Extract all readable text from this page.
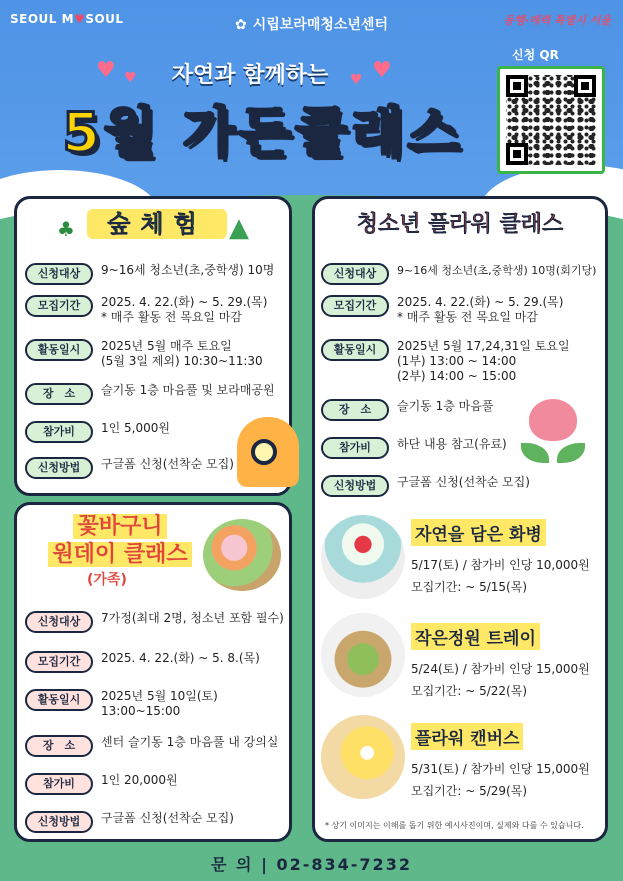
SEOUL M♥SOUL	✿ 시립보라매청소년센터	동행·매력 특별시 서울
♥ ♥	자연과 함께하는	♥
♥
5월 가든클래스
신청 QR
♣	숲체험 ▲
신청대상	9~16세 청소년(초,중학생) 10명
모집기간	2025. 4. 22.(화) ~ 5. 29.(목)
* 매주 활동 전 목요일 마감
활동일시	2025년 5월 매주 토요일
(5월 3일 제외) 10:30~11:30
장　소	슬기동 1층 마음풀 및 보라매공원
참가비	1인 5,000원
신청방법	구글폼 신청(선착순 모집)
꽃바구니
원데이 클래스
(가족)
신청대상	7가정(최대 2명, 청소년 포함 필수)
모집기간	2025. 4. 22.(화) ~ 5. 8.(목)
활동일시	2025년 5월 10일(토)
13:00~15:00
장　소	센터 슬기동 1층 마음풀 내 강의실
참가비	1인 20,000원
신청방법	구글폼 신청(선착순 모집)
청소년 플라워 클래스
신청대상	9~16세 청소년(초,중학생) 10명(회기당)
모집기간	2025. 4. 22.(화) ~ 5. 29.(목)
* 매주 활동 전 목요일 마감
활동일시	2025년 5월 17,24,31일 토요일
(1부) 13:00 ~ 14:00
(2부) 14:00 ~ 15:00
장　소	슬기동 1층 마음풀
참가비	하단 내용 참고(유료)
신청방법	구글폼 신청(선착순 모집)
자연을 담은 화병
5/17(토) / 참가비 인당 10,000원
모집기간: ~ 5/15(목)
작은정원 트레이
5/24(토) / 참가비 인당 15,000원
모집기간: ~ 5/22(목)
플라워 캔버스
5/31(토) / 참가비 인당 15,000원
모집기간: ~ 5/29(목)
* 상기 이미지는 이해를 돕기 위한 예시사진이며, 실제와 다를 수 있습니다.
문 의 | 02-834-7232
